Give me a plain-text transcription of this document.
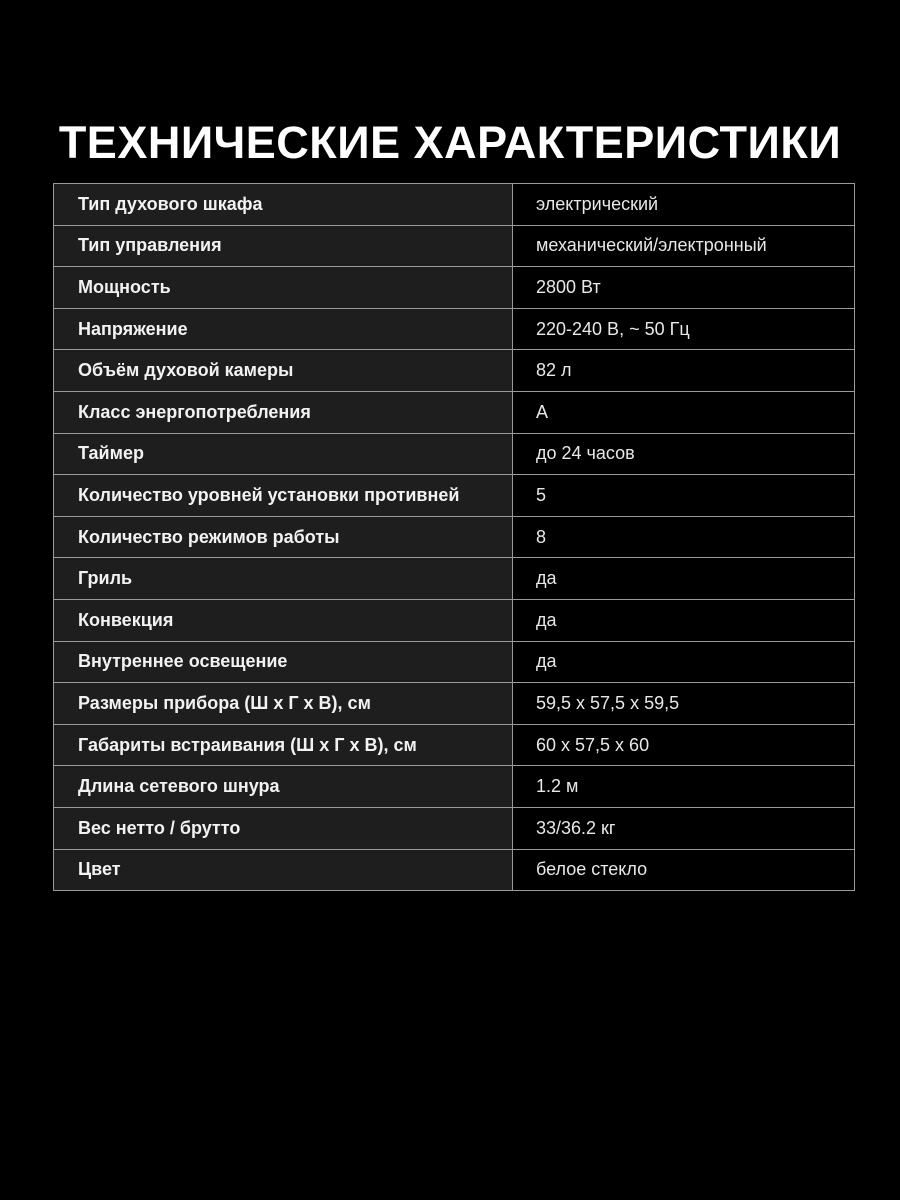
ТЕХНИЧЕСКИЕ ХАРАКТЕРИСТИКИ
Тип духового шкафа	электрический
Тип управления	механический/электронный
Мощность	2800 Вт
Напряжение	220-240 В, ~ 50 Гц
Объём духовой камеры	82 л
Класс энергопотребления	А
Таймер	до 24 часов
Количество уровней установки противней	5
Количество режимов работы	8
Гриль	да
Конвекция	да
Внутреннее освещение	да
Размеры прибора (Ш х Г х В), см	59,5 х 57,5 х 59,5
Габариты встраивания (Ш х Г х В), см	60 х 57,5 х 60
Длина сетевого шнура	1.2 м
Вес нетто / брутто	33/36.2 кг
Цвет	белое стекло
